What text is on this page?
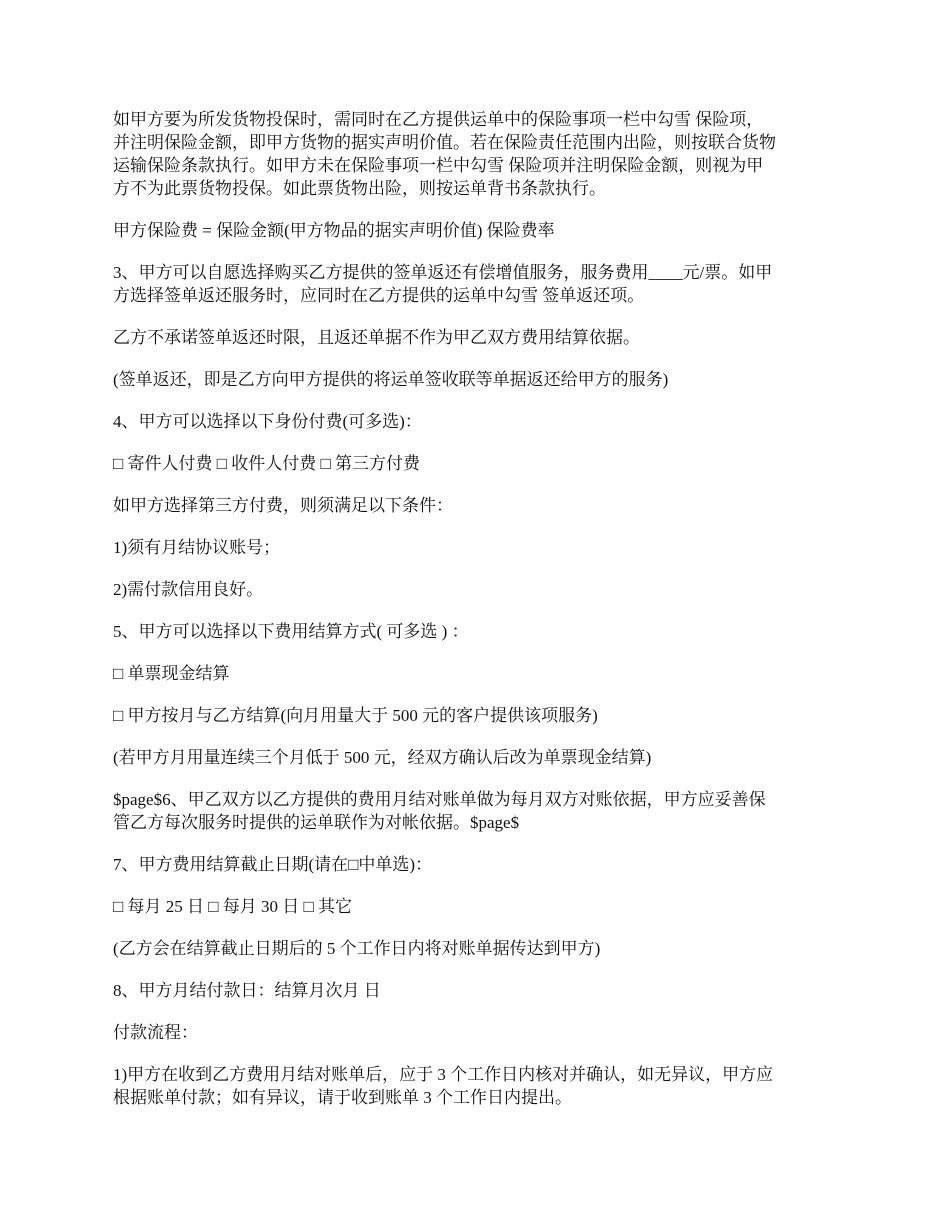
如甲方要为所发货物投保时，需同时在乙方提供运单中的保险事项一栏中勾雪 保险项，
并注明保险金额，即甲方货物的据实声明价值。若在保险责任范围内出险，则按联合货物
运输保险条款执行。如甲方未在保险事项一栏中勾雪 保险项并注明保险金额，则视为甲
方不为此票货物投保。如此票货物出险，则按运单背书条款执行。
甲方保险费 = 保险金额(甲方物品的据实声明价值) 保险费率
3、甲方可以自愿选择购买乙方提供的签单返还有偿增值服务，服务费用____元/票。如甲
方选择签单返还服务时，应同时在乙方提供的运单中勾雪 签单返还项。
乙方不承诺签单返还时限，且返还单据不作为甲乙双方费用结算依据。
(签单返还，即是乙方向甲方提供的将运单签收联等单据返还给甲方的服务)
4、甲方可以选择以下身份付费(可多选)：
□ 寄件人付费 □ 收件人付费 □ 第三方付费
如甲方选择第三方付费，则须满足以下条件：
1)须有月结协议账号；
2)需付款信用良好。
5、甲方可以选择以下费用结算方式( 可多选 ) ：
□ 单票现金结算
□ 甲方按月与乙方结算(向月用量大于 500 元的客户提供该项服务)
(若甲方月用量连续三个月低于 500 元，经双方确认后改为单票现金结算)
$page$6、甲乙双方以乙方提供的费用月结对账单做为每月双方对账依据，甲方应妥善保
管乙方每次服务时提供的运单联作为对帐依据。$page$
7、甲方费用结算截止日期(请在□中单选)：
□ 每月 25 日 □ 每月 30 日 □ 其它
(乙方会在结算截止日期后的 5 个工作日内将对账单据传达到甲方)
8、甲方月结付款日：结算月次月 日
付款流程：
1)甲方在收到乙方费用月结对账单后，应于 3 个工作日内核对并确认，如无异议，甲方应
根据账单付款；如有异议，请于收到账单 3 个工作日内提出。
